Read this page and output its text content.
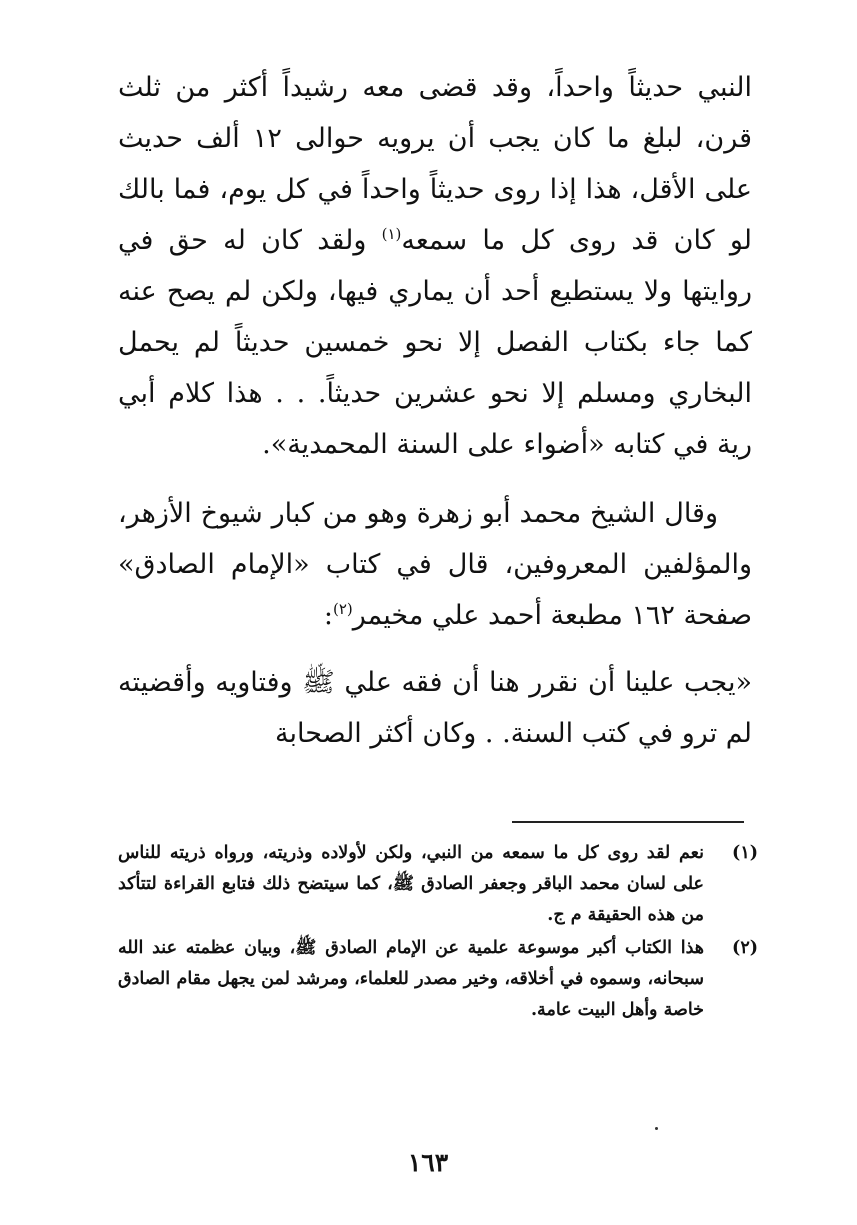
النبي حديثاً واحداً، وقد قضى معه رشيداً أكثر من ثلث قرن، لبلغ ما كان يجب أن يرويه حوالى ١٢ ألف حديث على الأقل، هذا إذا روى حديثاً واحداً في كل يوم، فما بالك لو كان قد روى كل ما سمعه$^{(١)}$ ولقد كان له حق في روايتها ولا يستطيع أحد أن يماري فيها، ولكن لم يصح عنه كما جاء بكتاب الفصل إلا نحو خمسين حديثاً لم يحمل البخاري ومسلم إلا نحو عشرين حديثاً. . . هذا كلام أبي رية في كتابه «أضواء على السنة المحمدية».

وقال الشيخ محمد أبو زهرة وهو من كبار شيوخ الأزهر، والمؤلفين المعروفين، قال في كتاب «الإمام الصادق» صفحة ١٦٢ مطبعة أحمد علي مخيمر$^{(٢)}$:

«يجب علينا أن نقرر هنا أن فقه علي ﷺ وفتاويه وأقضيته لم ترو في كتب السنة. . وكان أكثر الصحابة

(١)
نعم لقد روى كل ما سمعه من النبي، ولكن لأولاده وذريته، ورواه ذريته للناس على لسان محمد الباقر وجعفر الصادق ﷺ، كما سيتضح ذلك فتابع القراءة لتتأكد من هذه الحقيقة م ج.
(٢)
هذا الكتاب أكبر موسوعة علمية عن الإمام الصادق ﷺ، وبيان عظمته عند الله سبحانه، وسموه في أخلاقه، وخير مصدر للعلماء، ومرشد لمن يجهل مقام الصادق خاصة وأهل البيت عامة.
١٦٣
